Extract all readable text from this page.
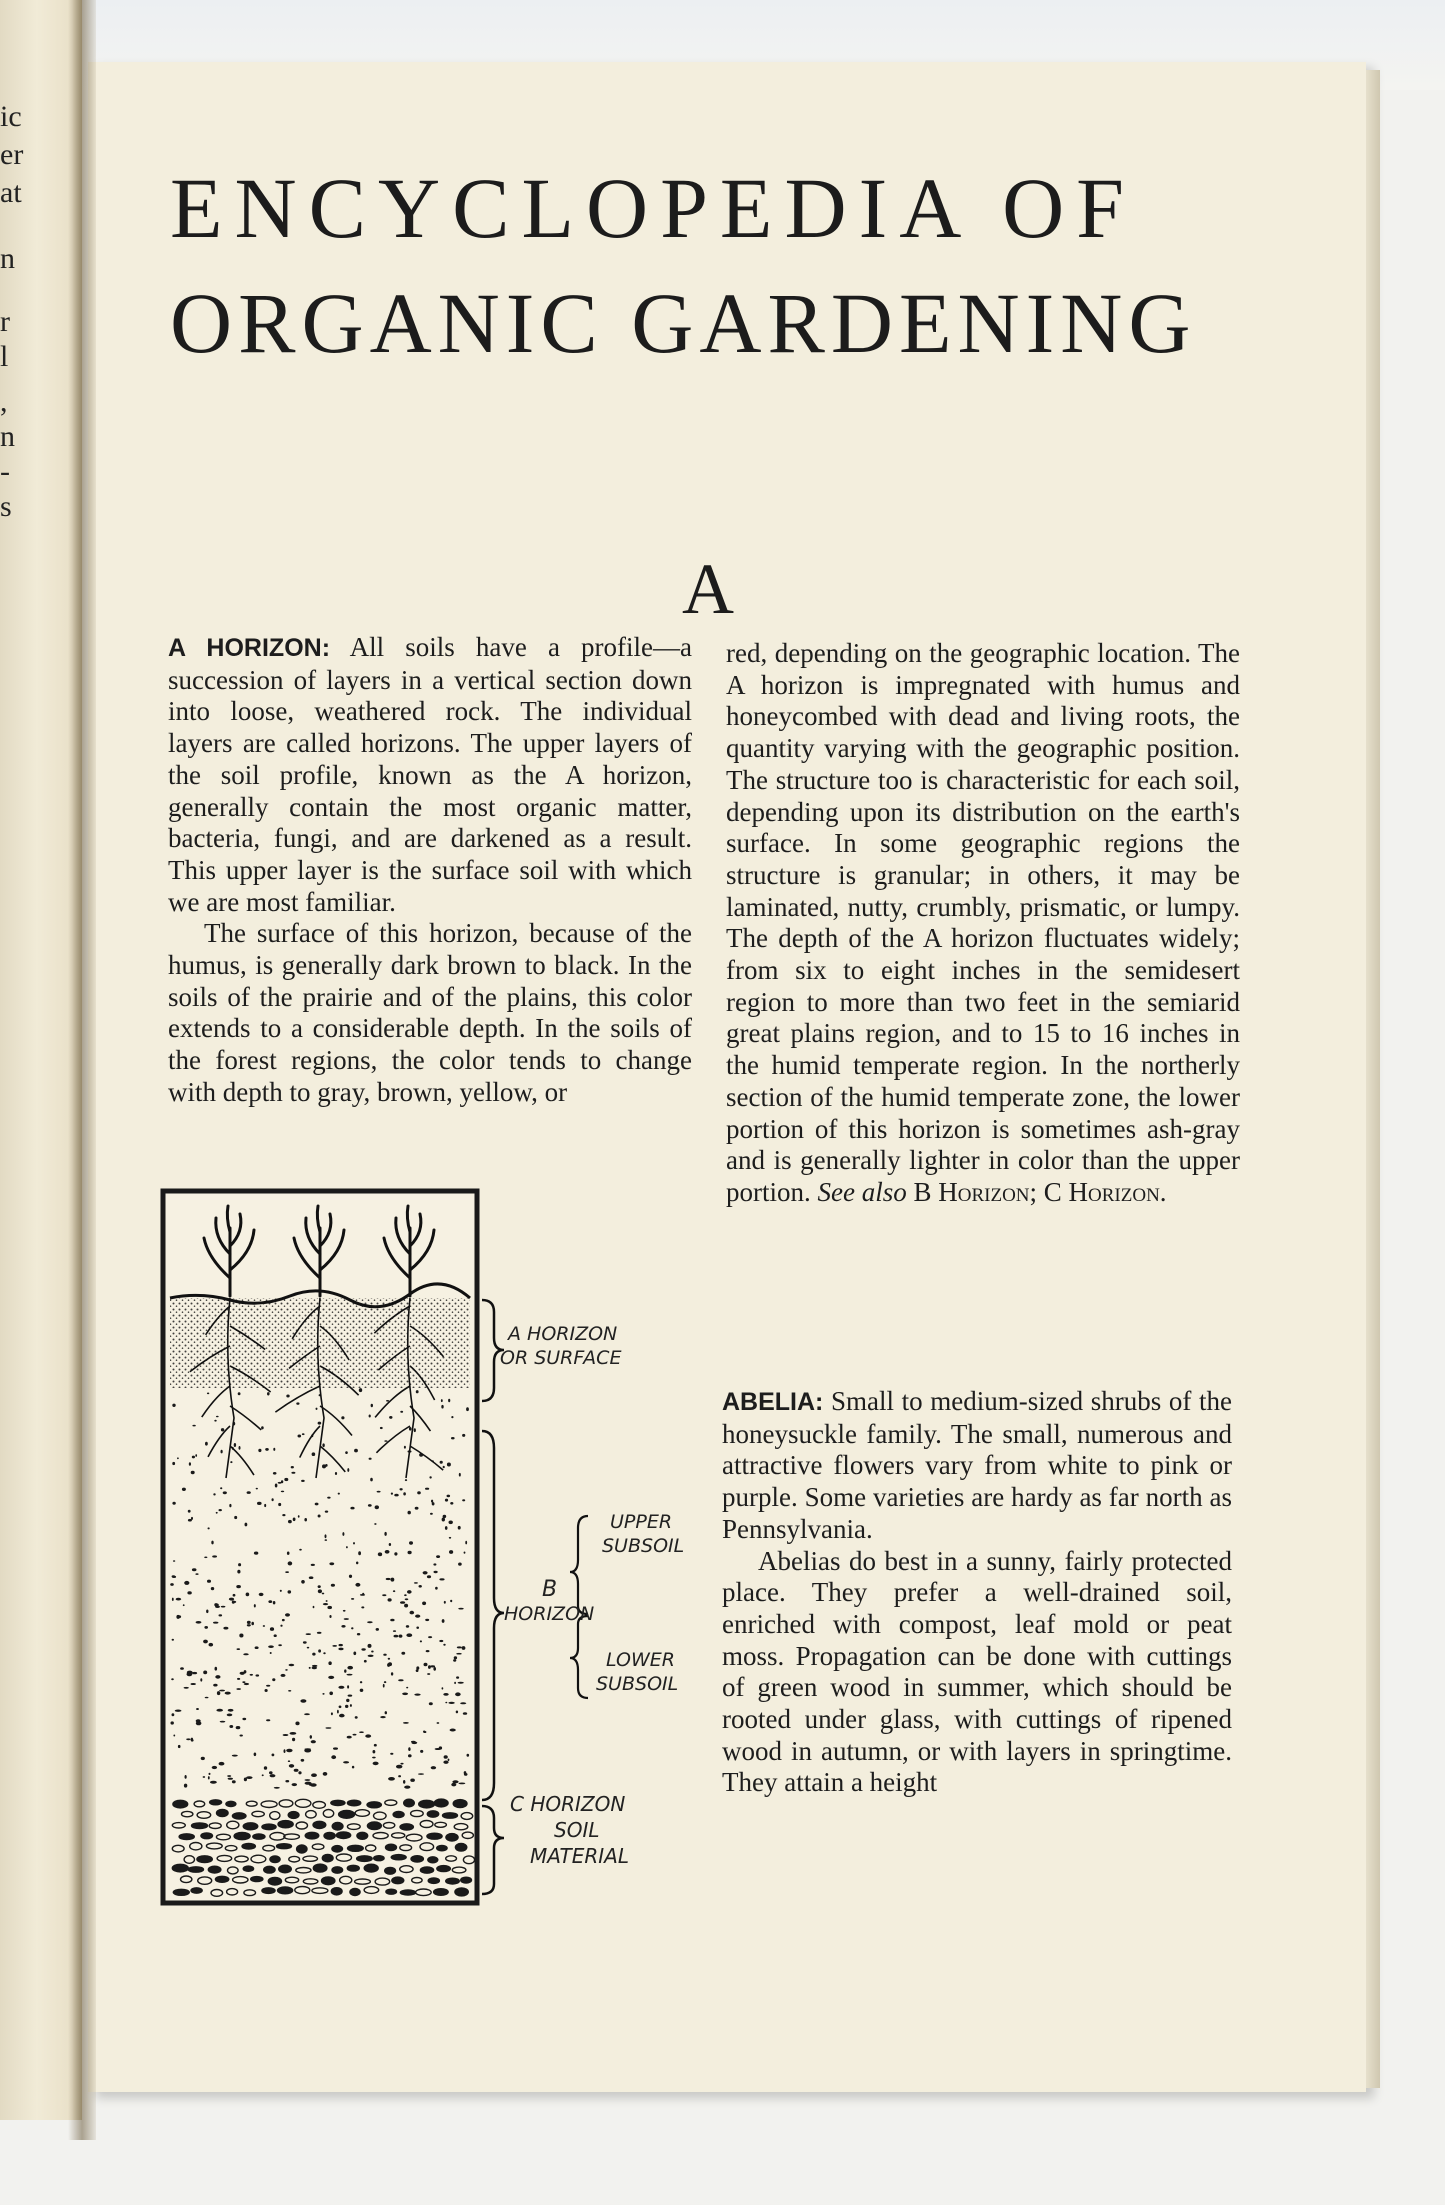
ic
er
at
n
r
l
,
n
-
s
ENCYCLOPEDIA OF
ORGANIC GARDENING
A

A HORIZON: All soils have a profile—a succession of layers in a vertical section down into loose, weathered rock. The individual layers are called horizons. The upper layers of the soil profile, known as the A horizon, generally contain the most organic matter, bacteria, fungi, and are darkened as a result. This upper layer is the surface soil with which we are most familiar.

The surface of this horizon, because of the humus, is generally dark brown to black. In the soils of the prairie and of the plains, this color extends to a considerable depth. In the soils of the forest regions, the color tends to change with depth to gray, brown, yellow, or

red, depending on the geographic location. The A horizon is impregnated with humus and honeycombed with dead and living roots, the quantity varying with the geographic position. The structure too is characteristic for each soil, depending upon its distribution on the earth's surface. In some geographic regions the structure is granular; in others, it may be laminated, nutty, crumbly, prismatic, or lumpy. The depth of the A horizon fluctuates widely; from six to eight inches in the semidesert region to more than two feet in the semiarid great plains region, and to 15 to 16 inches in the humid temperate region. In the northerly section of the humid temperate zone, the lower portion of this horizon is sometimes ash-gray and is generally lighter in color than the upper portion. See also B Horizon; C Horizon.

ABELIA: Small to medium-sized shrubs of the honeysuckle family. The small, numerous and attractive flowers vary from white to pink or purple. Some varieties are hardy as far north as Pennsylvania.

Abelias do best in a sunny, fairly protected place. They prefer a well-drained soil, enriched with compost, leaf mold or peat moss. Propagation can be done with cuttings of green wood in summer, which should be rooted under glass, with cuttings of ripened wood in autumn, or with layers in springtime. They attain a height

A HORIZON
OR SURFACE
UPPER
SUBSOIL
B
HORIZON
LOWER
SUBSOIL
C HORIZON
SOIL
MATERIAL
